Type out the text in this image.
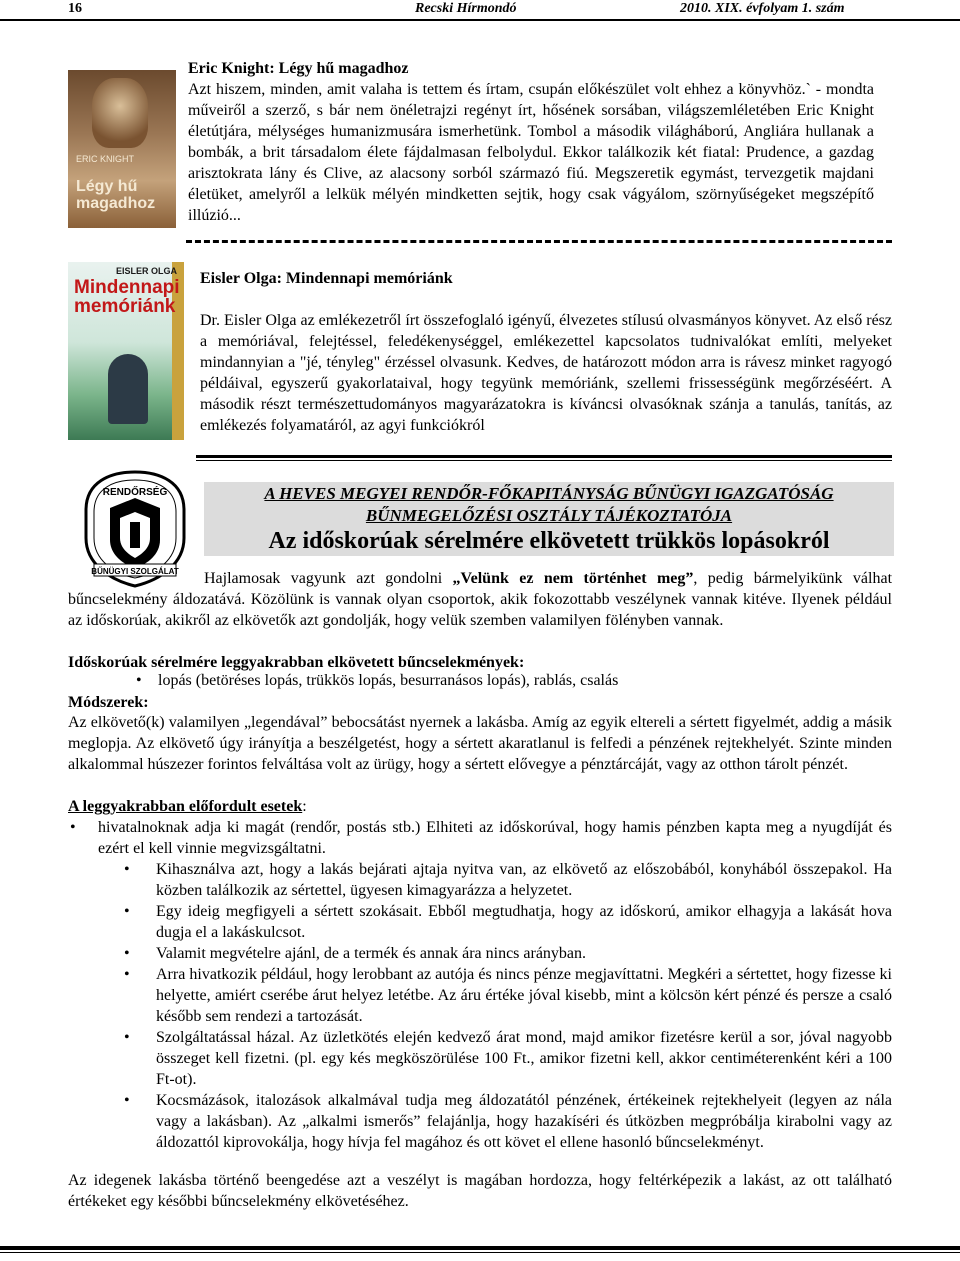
16	Recski Hírmondó	2010. XIX. évfolyam 1. szám
ERIC KNIGHT
Légy hű magadhoz
Eric Knight: Légy hű magadhoz
Azt hiszem, minden, amit valaha is tettem és írtam, csupán előkészület volt ehhez a könyvhöz.` - mondta műveiről a szerző, s bár nem önéletrajzi regényt írt, hősének sorsában, világszemléletében Eric Knight életútjára, mélységes humanizmusára ismerhetünk. Tombol a második világháború, Angliára hullanak a bombák, a brit társadalom élete fájdalmasan felbolydul. Ekkor találkozik két fiatal: Prudence, a gazdag arisztokrata lány és Clive, az alacsony sorból származó fiú. Megszeretik egymást, tervezgetik majdani életüket, amelyről a lelkük mélyén mindketten sejtik, hogy csak vágyálom, szörnyűségeket megszépítő illúzió...
EISLER OLGA
Mindennapi memóriánk
Eisler Olga: Mindennapi memóriánk
Dr. Eisler Olga az emlékezetről írt összefoglaló igényű, élvezetes stílusú olvasmányos könyvet. Az első rész a memóriával, felejtéssel, feledékenységgel, emlékezettel kapcsolatos tudnivalókat említi, melyeket mindannyian a "jé, tényleg" érzéssel olvasunk. Kedves, de határozott módon arra is rávesz minket ragyogó példáival, egyszerű gyakorlataival, hogy tegyünk memóriánk, szellemi frissességünk megőrzéséért. A második részt természettudományos magyarázatokra is kíváncsi olvasóknak szánja a tanulás, tanítás, az emlékezés folyamatáról, az agyi funkciókról
RENDŐRSÉG
BŰNÜGYI SZOLGÁLAT
A HEVES MEGYEI RENDŐR-FŐKAPITÁNYSÁG BŰNÜGYI IGAZGATÓSÁG
BŰNMEGELŐZÉSI OSZTÁLY TÁJÉKOZTATÓJA
Az időskorúak sérelmére elkövetett trükkös lopásokról
Hajlamosak vagyunk azt gondolni „Velünk ez nem történhet meg”, pedig bármelyikünk válhat bűncselekmény áldozatává. Közölünk is vannak olyan csoportok, akik fokozottabb veszélynek vannak kitéve. Ilyenek például az időskorúak, akikről az elkövetők azt gondolják, hogy velük szemben valamilyen fölényben vannak.
Időskorúak sérelmére leggyakrabban elkövetett bűncselekmények:
• lopás (betöréses lopás, trükkös lopás, besurranásos lopás), rablás, csalás
Módszerek:
Az elkövető(k) valamilyen „legendával” bebocsátást nyernek a lakásba. Amíg az egyik eltereli a sértett figyelmét, addig a másik meglopja. Az elkövető úgy irányítja a beszélgetést, hogy a sértett akaratlanul is felfedi a pénzének rejtekhelyét. Szinte minden alkalommal húszezer forintos felváltása volt az ürügy, hogy a sértett elővegye a pénztárcáját, vagy az otthon tárolt pénzét.
A leggyakrabban előfordult esetek:
• hivatalnoknak adja ki magát (rendőr, postás stb.) Elhiteti az időskorúval, hogy hamis pénzben kapta meg a nyugdíját és ezért el kell vinnie megvizsgáltatni.
• Kihasználva azt, hogy a lakás bejárati ajtaja nyitva van, az elkövető az előszobából, konyhából összepakol. Ha közben találkozik az sértettel, ügyesen kimagyarázza a helyzetet.
• Egy ideig megfigyeli a sértett szokásait. Ebből megtudhatja, hogy az időskorú, amikor elhagyja a lakását hova dugja el a lakáskulcsot.
• Valamit megvételre ajánl, de a termék és annak ára nincs arányban.
• Arra hivatkozik például, hogy lerobbant az autója és nincs pénze megjavíttatni. Megkéri a sértettet, hogy fizesse ki helyette, amiért cserébe árut helyez letétbe. Az áru értéke jóval kisebb, mint a kölcsön kért pénzé és persze a csaló később sem rendezi a tartozását.
• Szolgáltatással házal. Az üzletkötés elején kedvező árat mond, majd amikor fizetésre kerül a sor, jóval nagyobb összeget kell fizetni. (pl. egy kés megköszörülése 100 Ft., amikor fizetni kell, akkor centiméterenként kéri a 100 Ft-ot).
• Kocsmázások, italozások alkalmával tudja meg áldozatától pénzének, értékeinek rejtekhelyeit (legyen az nála vagy a lakásban). Az „alkalmi ismerős” felajánlja, hogy hazakíséri és útközben megpróbálja kirabolni vagy az áldozattól kiprovokálja, hogy hívja fel magához és ott követ el ellene hasonló bűncselekményt.
Az idegenek lakásba történő beengedése azt a veszélyt is magában hordozza, hogy feltérképezik a lakást, az ott található értékeket egy későbbi bűncselekmény elkövetéséhez.
